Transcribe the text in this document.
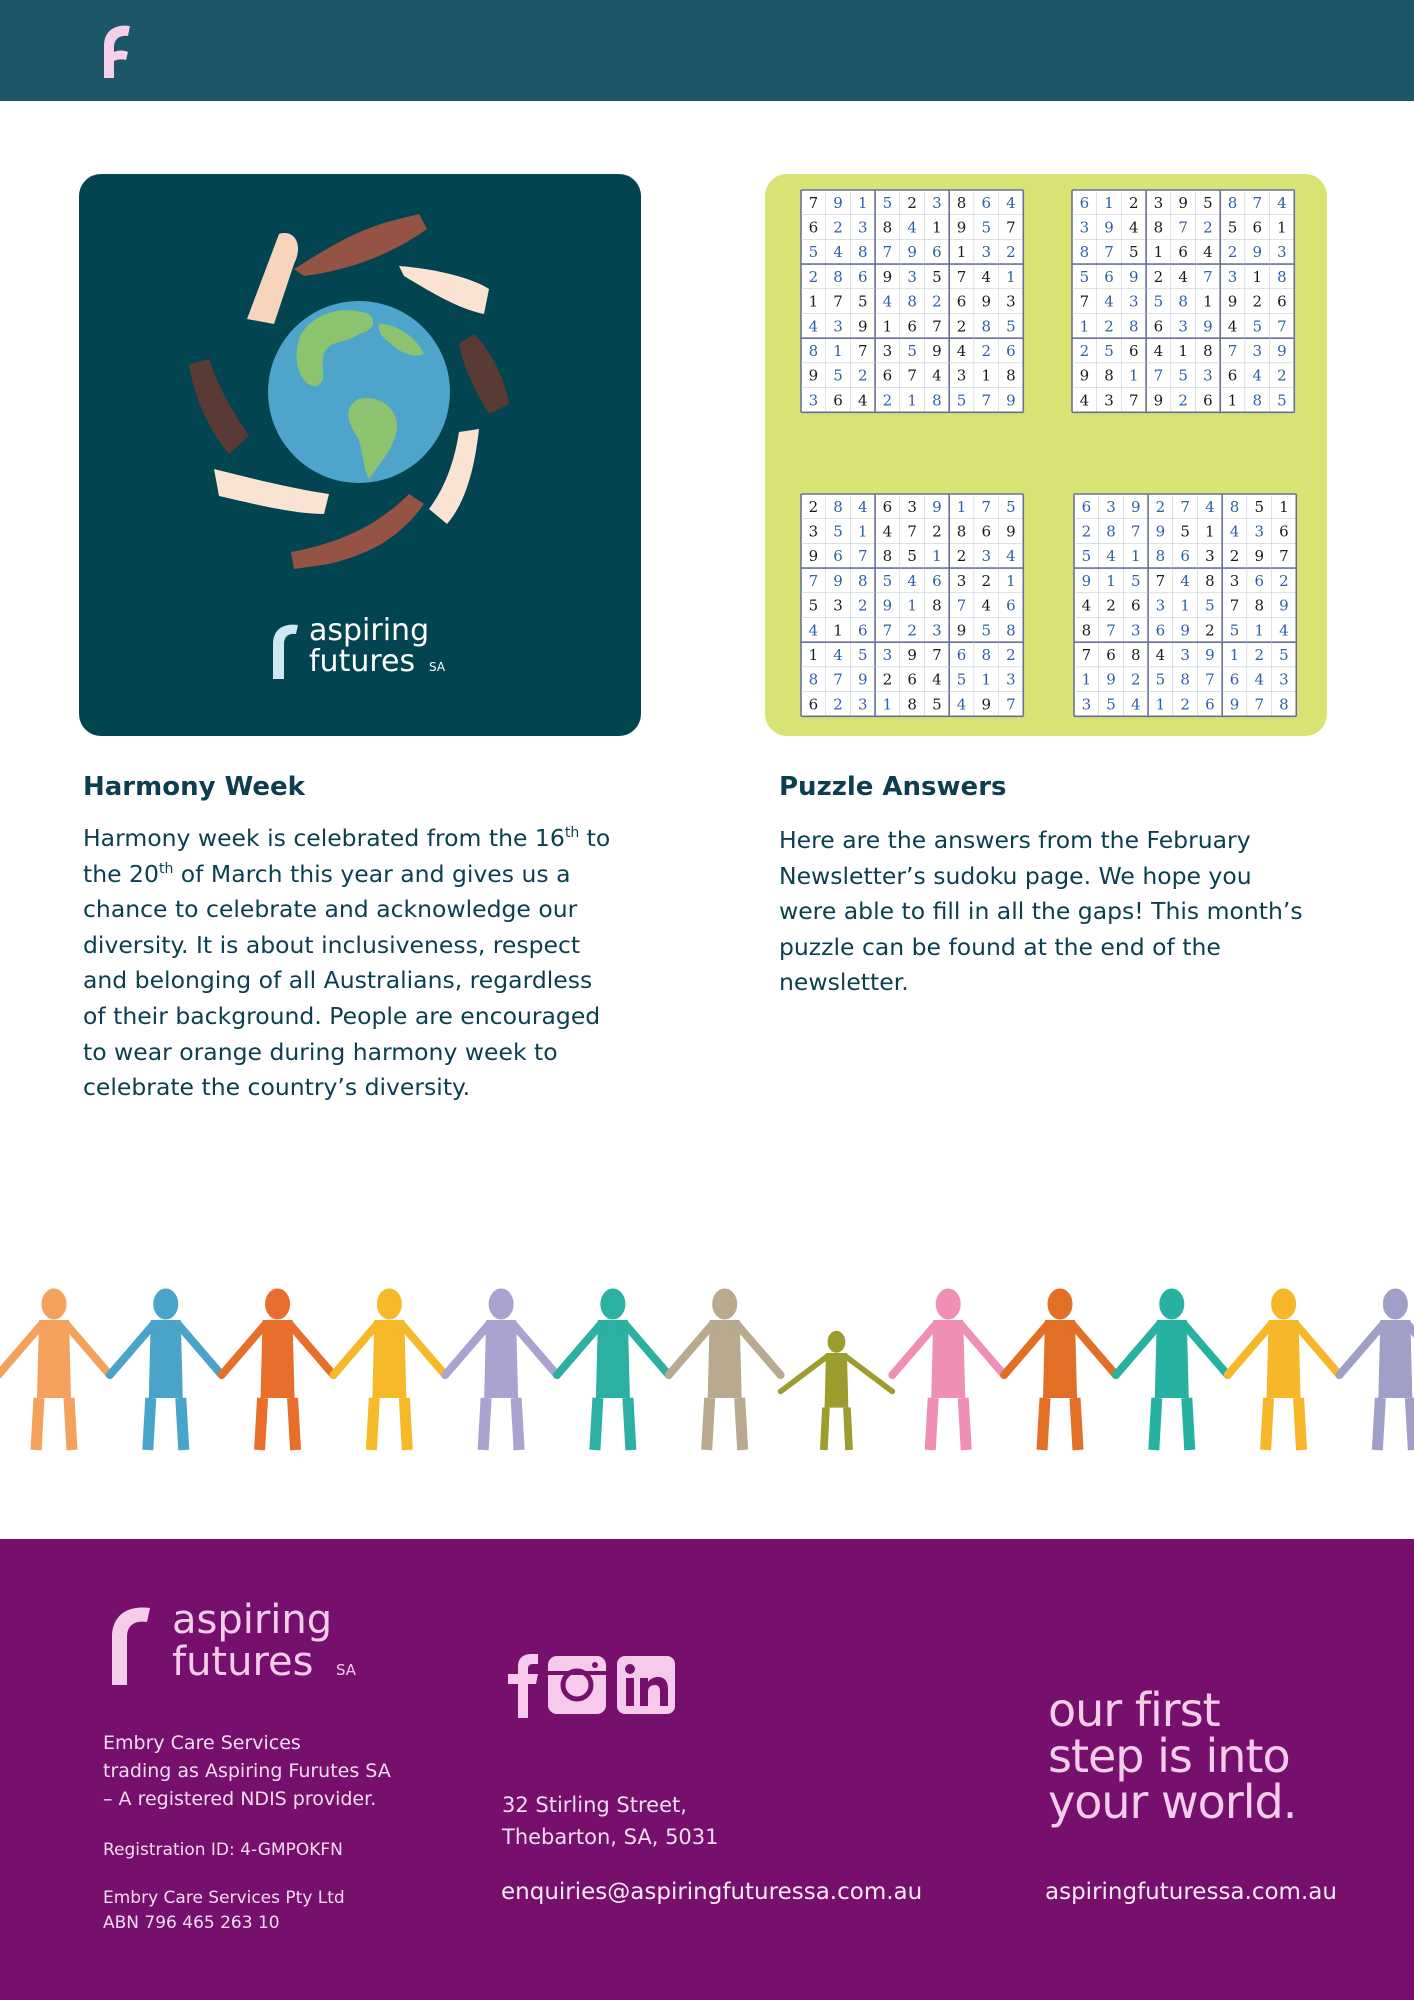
aspiring
futures SA
7 9 1 5 2 3 8 6 4
6 2 3 8 4 1 9 5 7
5 4 8 7 9 6 1 3 2
2 8 6 9 3 5 7 4 1
1 7 5 4 8 2 6 9 3
4 3 9 1 6 7 2 8 5
8 1 7 3 5 9 4 2 6
9 5 2 6 7 4 3 1 8
3 6 4 2 1 8 5 7 9
6 1 2 3 9 5 8 7 4
3 9 4 8 7 2 5 6 1
8 7 5 1 6 4 2 9 3
5 6 9 2 4 7 3 1 8
7 4 3 5 8 1 9 2 6
1 2 8 6 3 9 4 5 7
2 5 6 4 1 8 7 3 9
9 8 1 7 5 3 6 4 2
4 3 7 9 2 6 1 8 5
2 8 4 6 3 9 1 7 5
3 5 1 4 7 2 8 6 9
9 6 7 8 5 1 2 3 4
7 9 8 5 4 6 3 2 1
5 3 2 9 1 8 7 4 6
4 1 6 7 2 3 9 5 8
1 4 5 3 9 7 6 8 2
8 7 9 2 6 4 5 1 3
6 2 3 1 8 5 4 9 7
6 3 9 2 7 4 8 5 1
2 8 7 9 5 1 4 3 6
5 4 1 8 6 3 2 9 7
9 1 5 7 4 8 3 6 2
4 2 6 3 1 5 7 8 9
8 7 3 6 9 2 5 1 4
7 6 8 4 3 9 1 2 5
1 9 2 5 8 7 6 4 3
3 5 4 1 2 6 9 7 8
Harmony Week
Harmony week is celebrated from the 16th to
the 20th of March this year and gives us a
chance to celebrate and acknowledge our
diversity. It is about inclusiveness, respect
and belonging of all Australians, regardless
of their background. People are encouraged
to wear orange during harmony week to
celebrate the country’s diversity.
Puzzle Answers
Here are the answers from the February
Newsletter’s sudoku page. We hope you
were able to fill in all the gaps! This month’s
puzzle can be found at the end of the
newsletter.
aspiring
futures SA
Embry Care Services
trading as Aspiring Furutes SA
– A registered NDIS provider.
Registration ID: 4-GMPOKFN
Embry Care Services Pty Ltd
ABN 796 465 263 10
32 Stirling Street,
Thebarton, SA, 5031
enquiries@aspiringfuturessa.com.au
our first
step is into
your world.
aspiringfuturessa.com.au
